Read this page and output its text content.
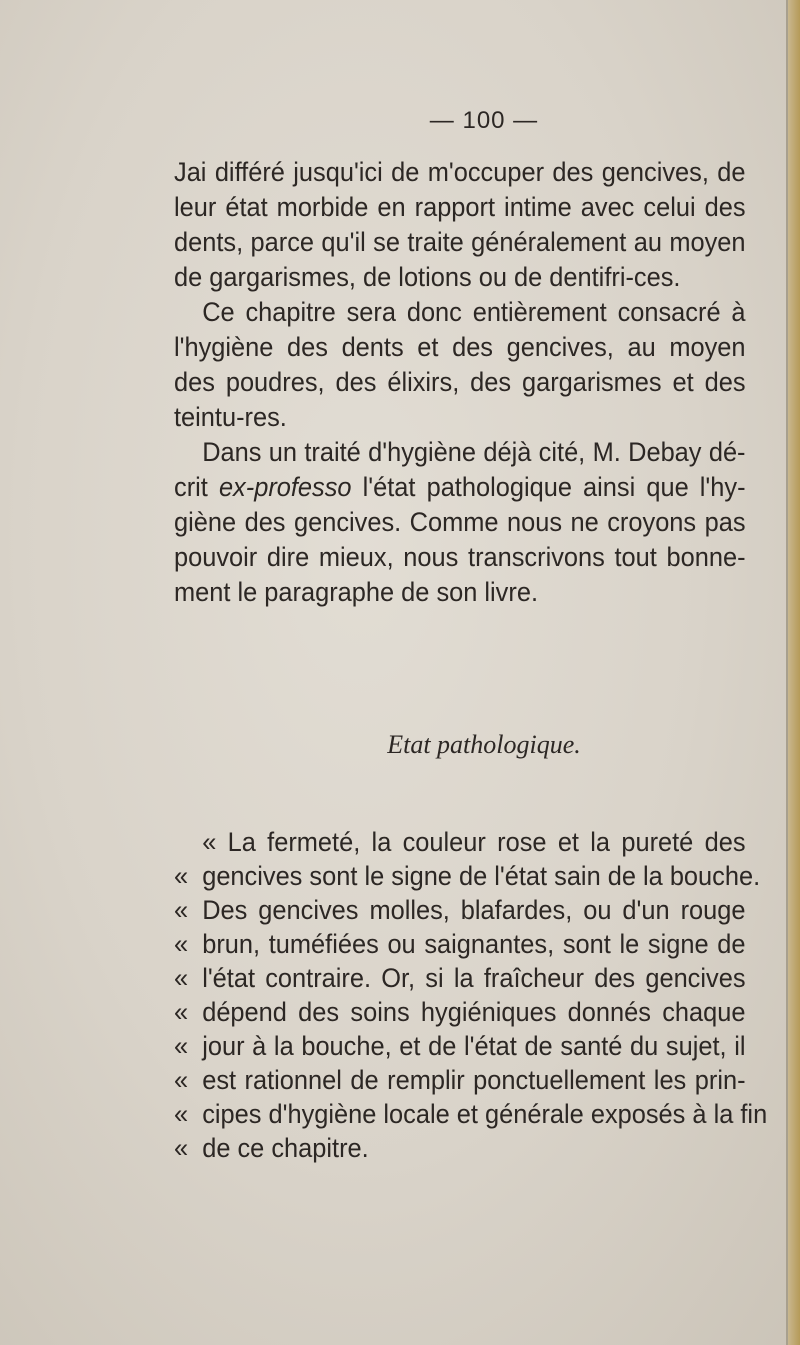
— 100 —

Jai différé jusqu'ici de m'occuper des gencives, de leur état morbide en rapport intime avec celui des dents, parce qu'il se traite généralement au moyen de gargarismes, de lotions ou de dentifri-ces.

Ce chapitre sera donc entièrement consacré à l'hygiène des dents et des gencives, au moyen des poudres, des élixirs, des gargarismes et des teintu-res.

Dans un traité d'hygiène déjà cité, M. Debay dé-crit ex-professo l'état pathologique ainsi que l'hy-giène des gencives. Comme nous ne croyons pas pouvoir dire mieux, nous transcrivons tout bonne-ment le paragraphe de son livre.

Etat pathologique.
« La fermeté, la couleur rose et la pureté des
« gencives sont le signe de l'état sain de la bouche.
« Des gencives molles, blafardes, ou d'un rouge
« brun, tuméfiées ou saignantes, sont le signe de
« l'état contraire. Or, si la fraîcheur des gencives
« dépend des soins hygiéniques donnés chaque
« jour à la bouche, et de l'état de santé du sujet, il
« est rationnel de remplir ponctuellement les prin-
« cipes d'hygiène locale et générale exposés à la fin
« de ce chapitre.
